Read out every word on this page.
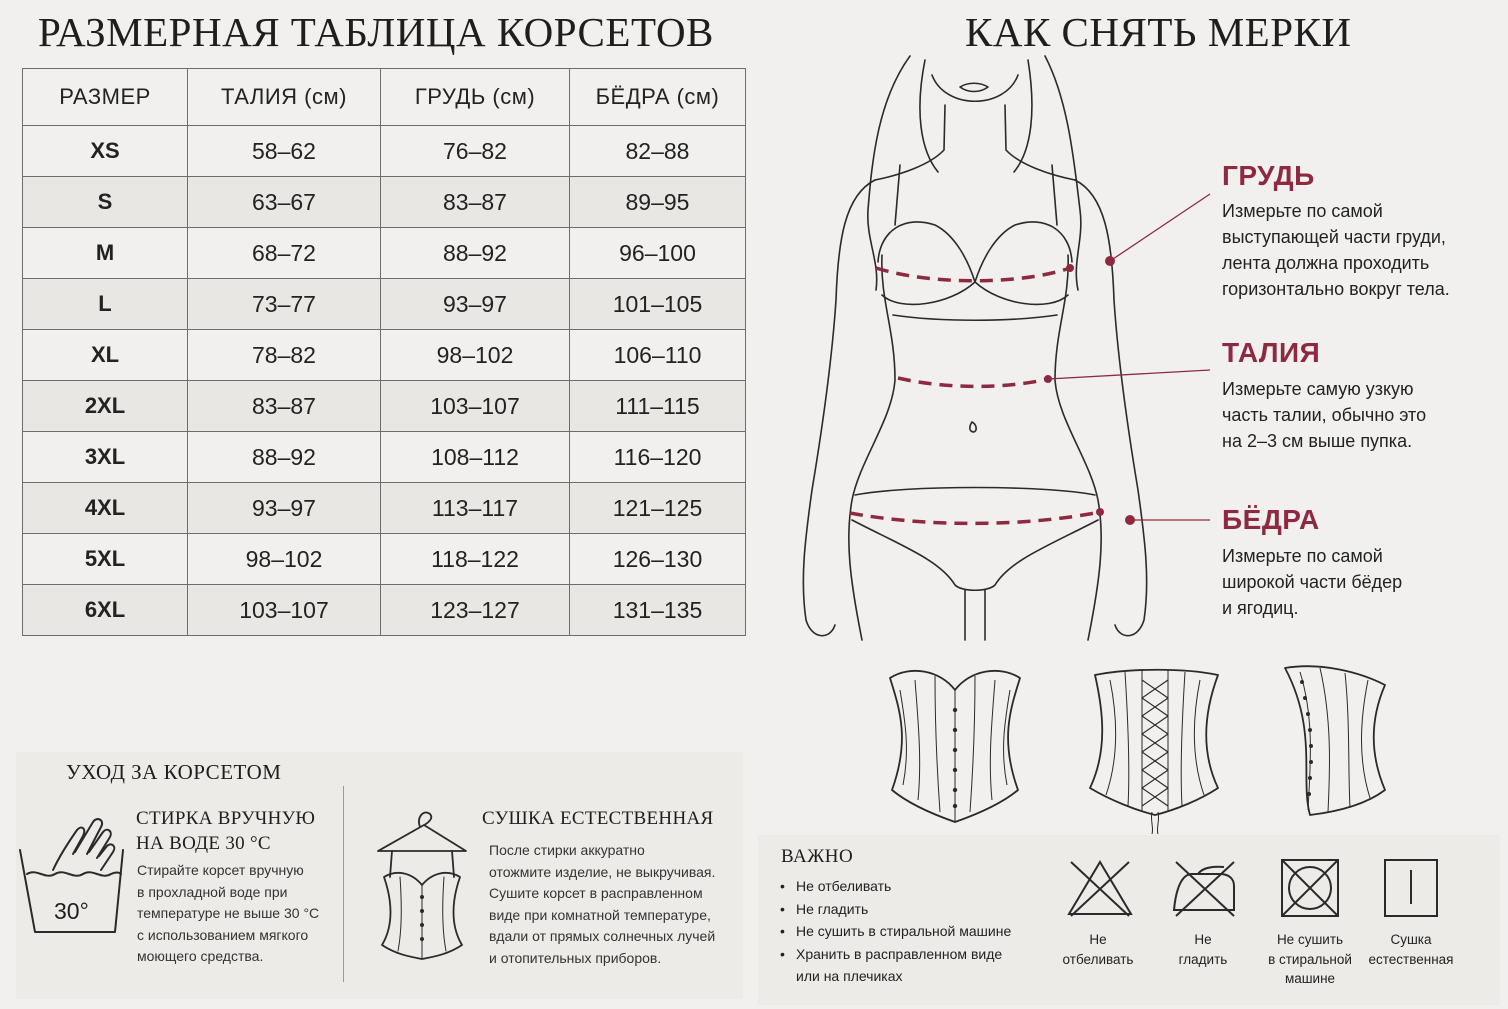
РАЗМЕРНАЯ ТАБЛИЦА КОРСЕТОВ	КАК СНЯТЬ МЕРКИ
РАЗМЕР	ТАЛИЯ (см)	ГРУДЬ (см)	БЁДРА (см)
XS	58–62	76–82	82–88
S	63–67	83–87	89–95
M	68–72	88–92	96–100
L	73–77	93–97	101–105
XL	78–82	98–102	106–110
2XL	83–87	103–107	111–115
3XL	88–92	108–112	116–120
4XL	93–97	113–117	121–125
5XL	98–102	118–122	126–130
6XL	103–107	123–127	131–135
ГРУДЬ
Измерьте по самой
выступающей части груди,
лента должна проходить
горизонтально вокруг тела.
ТАЛИЯ
Измерьте самую узкую
часть талии, обычно это
на 2–3 см выше пупка.
БЁДРА
Измерьте по самой
широкой части бёдер
и ягодиц.
УХОД ЗА КОРСЕТОМ
30°
СТИРКА ВРУЧНУЮ
НА ВОДЕ 30 °С
Стирайте корсет вручную
в прохладной воде при
температуре не выше 30 °С
с использованием мягкого
моющего средства.
СУШКА ЕСТЕСТВЕННАЯ
После стирки аккуратно
отожмите изделие, не выкручивая.
Сушите корсет в расправленном
виде при комнатной температуре,
вдали от прямых солнечных лучей
и отопительных приборов.
ВАЖНО
• Не отбеливать
• Не гладить
• Не сушить в стиральной машине
• Хранить в расправленном виде
или на плечиках
Не
отбеливать
Не
гладить
Не сушить
в стиральной
машине
Сушка
естественная
